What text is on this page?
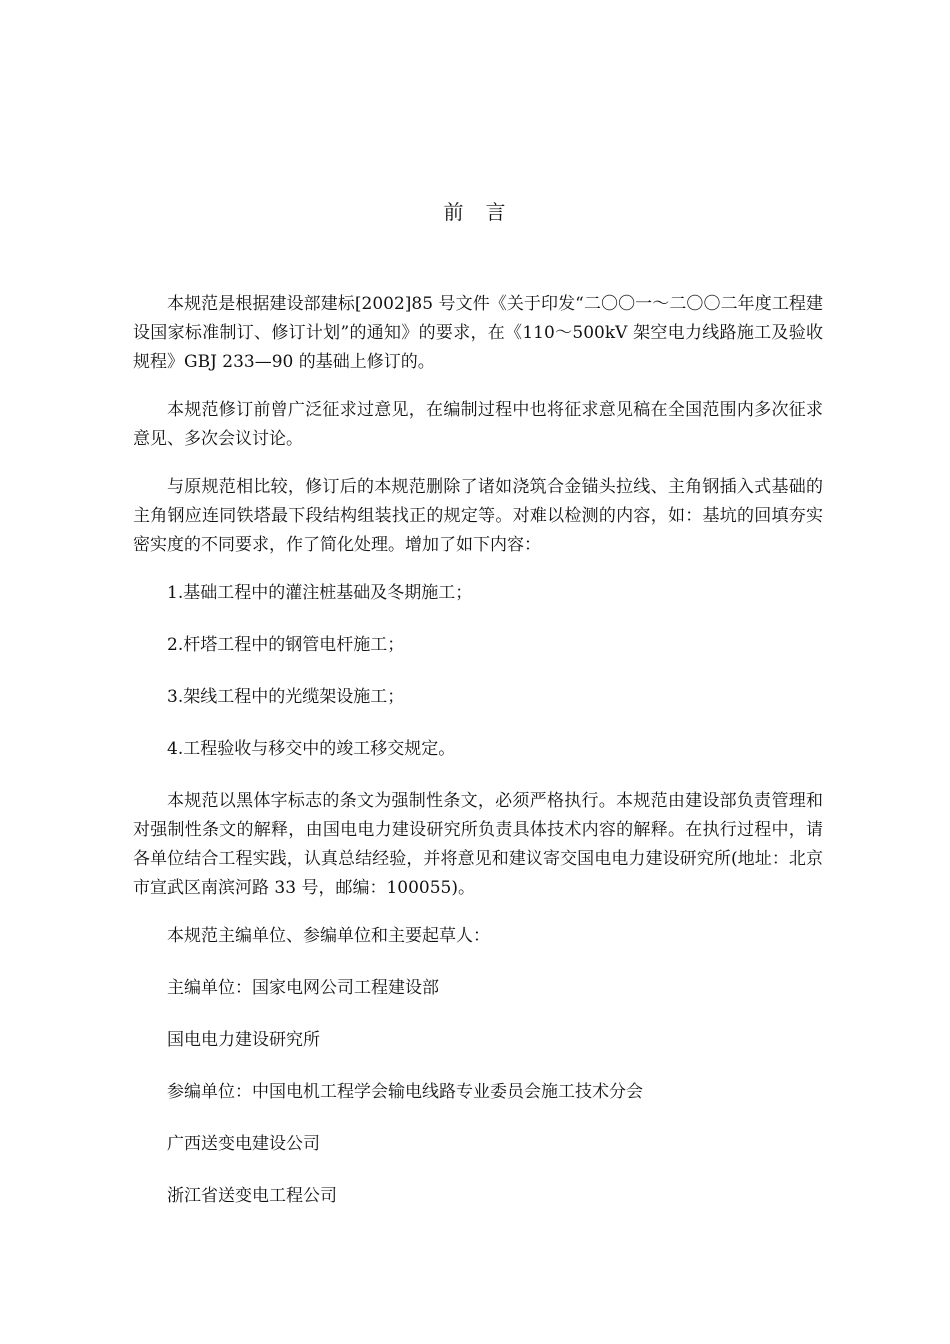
前　言

本规范是根据建设部建标[2002]85 号文件《关于印发“二〇〇一～二〇〇二年度工程建设国家标准制订、修订计划”的通知》的要求，在《110～500kV 架空电力线路施工及验收规程》GBJ 233—90 的基础上修订的。

本规范修订前曾广泛征求过意见，在编制过程中也将征求意见稿在全国范围内多次征求意见、多次会议讨论。

与原规范相比较，修订后的本规范删除了诸如浇筑合金锚头拉线、主角钢插入式基础的主角钢应连同铁塔最下段结构组装找正的规定等。对难以检测的内容，如：基坑的回填夯实密实度的不同要求，作了简化处理。增加了如下内容：

1.基础工程中的灌注桩基础及冬期施工；
2.杆塔工程中的钢管电杆施工；
3.架线工程中的光缆架设施工；
4.工程验收与移交中的竣工移交规定。

本规范以黑体字标志的条文为强制性条文，必须严格执行。本规范由建设部负责管理和对强制性条文的解释，由国电电力建设研究所负责具体技术内容的解释。在执行过程中，请各单位结合工程实践，认真总结经验，并将意见和建议寄交国电电力建设研究所(地址：北京市宣武区南滨河路 33 号，邮编：100055)。

本规范主编单位、参编单位和主要起草人：
主编单位：国家电网公司工程建设部
国电电力建设研究所
参编单位：中国电机工程学会输电线路专业委员会施工技术分会
广西送变电建设公司
浙江省送变电工程公司
